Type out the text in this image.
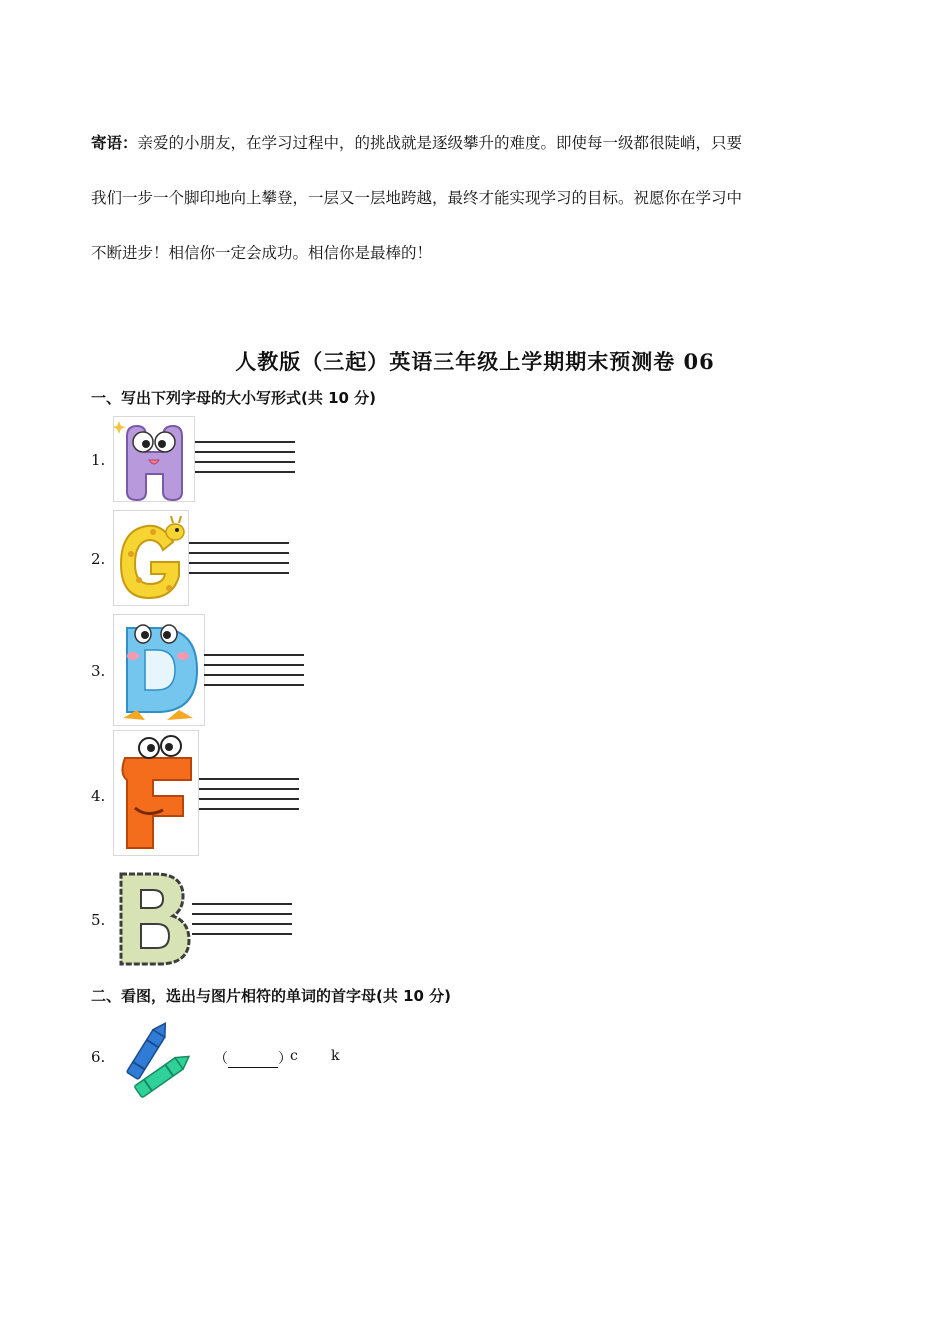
寄语：亲爱的小朋友，在学习过程中，的挑战就是逐级攀升的难度。即使每一级都很陡峭，只要
我们一步一个脚印地向上攀登，一层又一层地跨越，最终才能实现学习的目标。祝愿你在学习中
不断进步！相信你一定会成功。相信你是最棒的！
人教版（三起）英语三年级上学期期末预测卷 06
一、写出下列字母的大小写形式(共 10 分)
1.
2.
3.
4.
5.
二、看图，选出与图片相符的单词的首字母(共 10 分)
6.	（	）
c k
